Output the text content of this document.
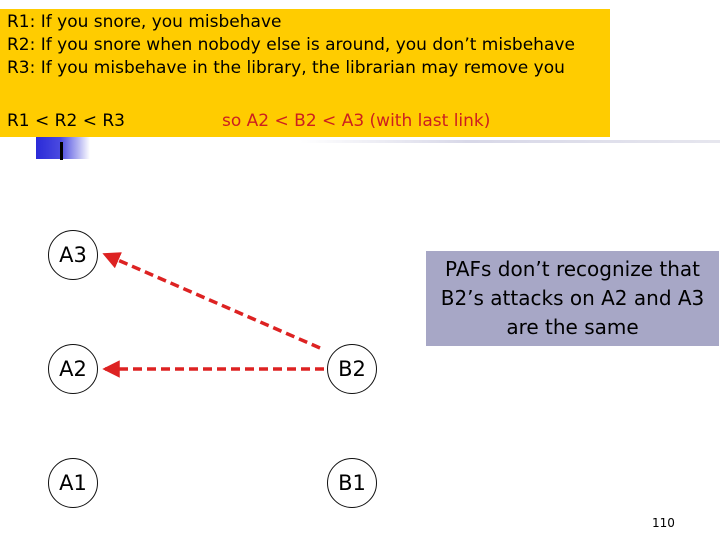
R1: If you snore, you misbehave
R2: If you snore when nobody else is around, you don’t misbehave
R3: If you misbehave in the library, the librarian may remove you
R1 < R2 < R3	so A2 < B2 < A3 (with last link)
A3
A2
A1
B2
B1
PAFs don’t recognize that B2’s attacks on A2 and A3 are the same
110
